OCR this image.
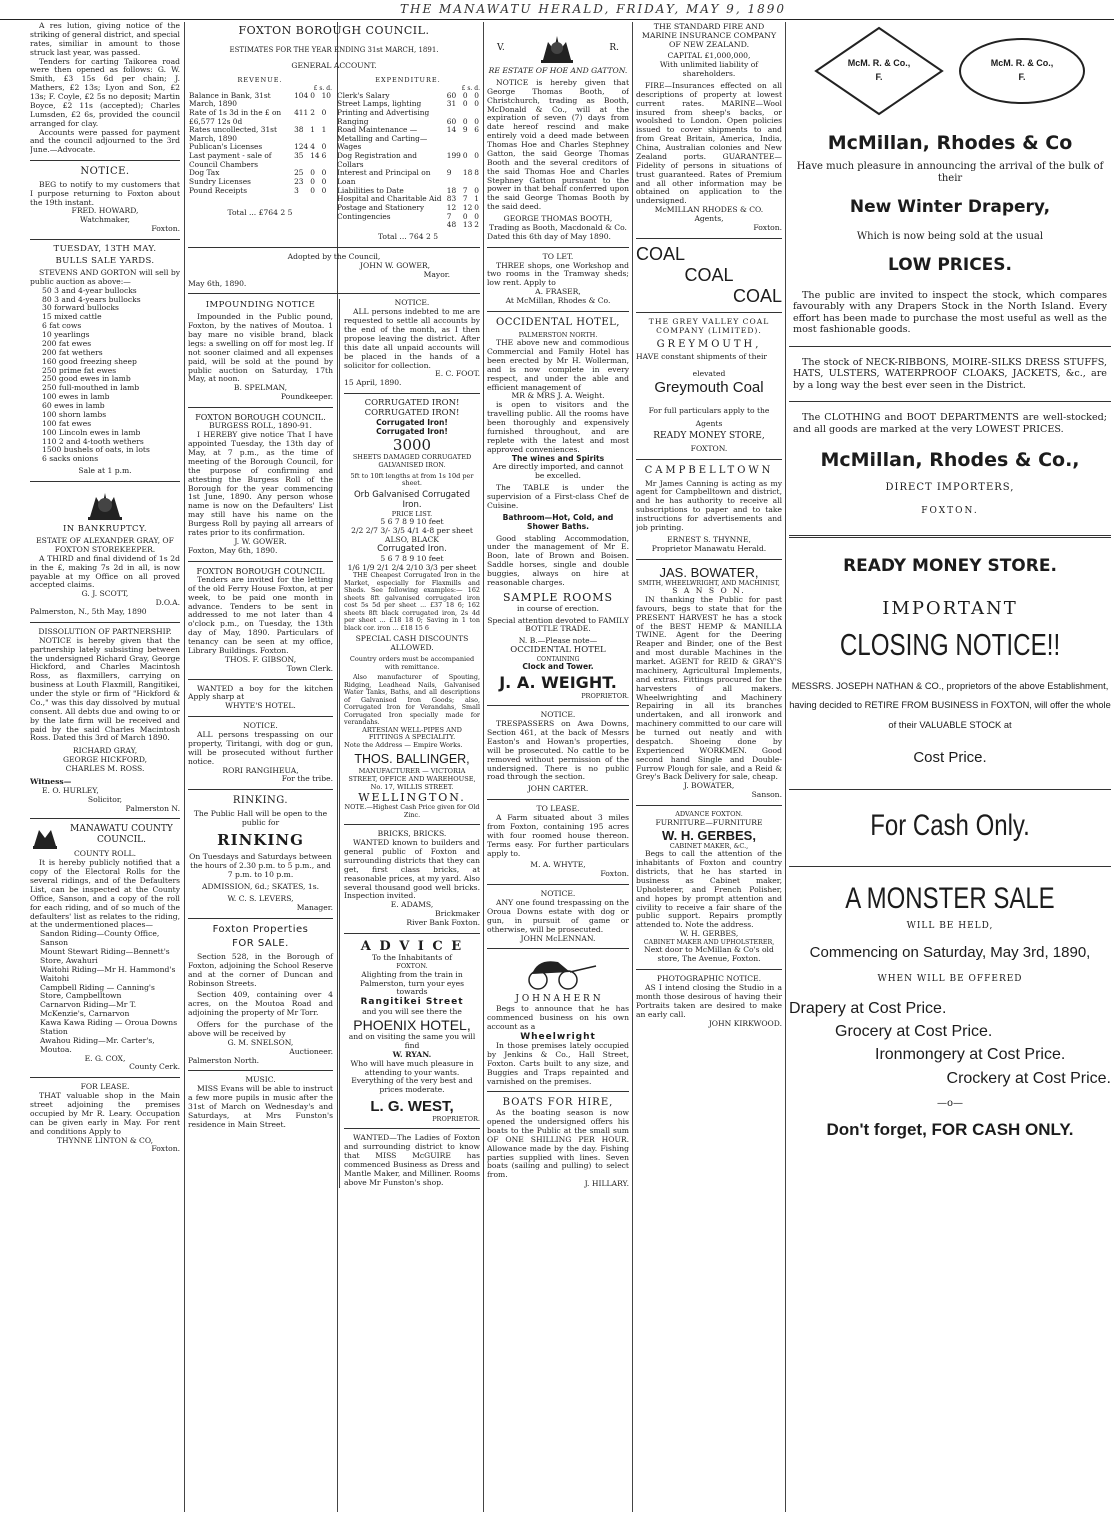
THE MANAWATU HERALD, FRIDAY, MAY 9, 1890

A res lution, giving notice of the striking of general district, and special rates, similiar in amount to those struck last year, was passed.

Tenders for carting Taikorea road were then opened as follows: G. W. Smith, £3 15s 6d per chain; J. Mathers, £2 13s; Lyon and Son, £2 13s; F. Coyle, £2 5s no deposit; Martin Boyce, £2 11s (accepted); Charles Lumsden, £2 6s, provided the council arranged for clay.

Accounts were passed for payment and the council adjourned to the 3rd June.—Advocate.

NOTICE.

BEG to notify to my customers that I purpose returning to Foxton about the 19th instant.

FRED. HOWARD,
Watchmaker,
Foxton.
TUESDAY, 13TH MAY.
BULLS SALE YARDS.

STEVENS AND GORTON will sell by public auction as above:—

50 3 and 4-year bullocks
80 3 and 4-years bullocks
30 forward bullocks
15 mixed cattle
6 fat cows
10 yearlings
200 fat ewes
200 fat wethers
160 good freezing sheep
250 prime fat ewes
250 good ewes in lamb
250 full-mouthed in lamb
100 ewes in lamb
60 ewes in lamb
100 shorn lambs
100 fat ewes
100 Lincoln ewes in lamb
110 2 and 4-tooth wethers
1500 bushels of oats, in lots
6 sacks onions
Sale at 1 p.m.
IN BANKRUPTCY.
ESTATE OF ALEXANDER GRAY, OF FOXTON STOREKEEPER.

A THIRD and final dividend of 1s 2d in the £, making 7s 2d in all, is now payable at my Office on all proved accepted claims.

G. J. SCOTT,
D.O.A.
Palmerston, N., 5th May, 1890
DISSOLUTION OF PARTNERSHIP.

NOTICE is hereby given that the partnership lately subsisting between the undersigned Richard Gray, George Hickford, and Charles Macintosh Ross, as flaxmillers, carrying on business at Louth Flaxmill, Rangitikei, under the style or firm of "Hickford & Co.," was this day dissolved by mutual consent. All debts due and owing to or by the late firm will be received and paid by the said Charles Macintosh Ross. Dated this 3rd of March 1890.

RICHARD GRAY,
GEORGE HICKFORD,
CHARLES M. ROSS.
Witness—
E. O. HURLEY,
Solicitor,
Palmerston N.
MANAWATU COUNTY COUNCIL.
COUNTY ROLL.

It is hereby publicly notified that a copy of the Electoral Rolls for the several ridings, and of the Defaulters List, can be inspected at the County Office, Sanson, and a copy of the roll for each riding, and of so much of the defaulters' list as relates to the riding, at the undermentioned places—

Sandon Riding—County Office, Sanson
Mount Stewart Riding—Bennett's Store, Awahuri
Waitohi Riding—Mr H. Hammond's Waitohi
Campbell Riding — Canning's Store, Campbelltown
Carnarvon Riding—Mr T. McKenzie's, Carnarvon
Kawa Kawa Riding — Oroua Downs Station
Awahou Riding—Mr. Carter's, Moutoa.
E. G. COX,
County Cerk.
FOR LEASE.

THAT valuable shop in the Main street adjoining the premises occupied by Mr R. Leary. Occupation can be given early in May. For rent and conditions Apply to

THYNNE LINTON & CO,
Foxton.
FOXTON BOROUGH COUNCIL.
ESTIMATES FOR THE YEAR ENDING 31st MARCH, 1891.
GENERAL ACCOUNT.
REVENUE.
£ s. d.
Balance in Bank, 31st March, 1890	104	0	10
Rate of 1s 3d in the £ on £6,577 12s 0d	411	2	0
Rates uncollected, 31st March, 1890	38	1	1
Publican's Licenses	124	4	0
Last payment - sale of Council Chambers	35	14	6
Dog Tax	25	0	0
Sundry Licenses	23	0	0
Pound Receipts	3	0	0
Total ... £764 2 5
EXPENDITURE.
£ s. d.
Clerk's Salary	60	0	0
Street Lamps, lighting Printing and Advertising	31	0	0
Ranging	60	0	0
Road Maintenance — Metalling and Carting—Wages	14	9	6
Dog Registration and Collars	199	0	0
Interest and Principal on Loan	9	18	8
Liabilities to Date	18	7	0
Hospital and Charitable Aid	83	7	1
Postage and Stationery	12	12	0
Contingencies	7	0	0
	48	13	2
Total ... 764 2 5
Adopted by the Council,
JOHN W. GOWER,
Mayor.
May 6th, 1890.
IMPOUNDING NOTICE

Impounded in the Public pound, Foxton, by the natives of Moutoa. 1 bay mare no visible brand, black legs: a swelling on off for most leg. If not sooner claimed and all expenses paid, will be sold at the pound by public auction on Saturday, 17th May, at noon.

B. SPELMAN,
Poundkeeper.
FOXTON BOROUGH COUNCIL.
BURGESS ROLL, 1890-91.

I HEREBY give notice That I have appointed Tuesday, the 13th day of May, at 7 p.m., as the time of meeting of the Borough Council, for the purpose of confirming and attesting the Burgess Roll of the Borough for the year commencing 1st June, 1890. Any person whose name is now on the Defaulters' List may still have his name on the Burgess Roll by paying all arrears of rates prior to its confirmation.

J. W. GOWER.
Foxton, May 6th, 1890.
FOXTON BOROUGH COUNCIL

Tenders are invited for the letting of the old Ferry House Foxton, at per week, to be paid one month in advance. Tenders to be sent in addressed to me not later than 4 o'clock p.m., on Tuesday, the 13th day of May, 1890. Particulars of tenancy can be seen at my office, Library Buildings. Foxton.

THOS. F. GIBSON,
Town Clerk.

WANTED a boy for the kitchen Apply sharp at

WHYTE'S HOTEL.
NOTICE.

ALL persons trespassing on our property, Tiritangi, with dog or gun, will be prosecuted without further notice.

RORI RANGIHEUA,
For the tribe.
RINKING.
The Public Hall will be open to the public for
RINKING
On Tuesdays and Saturdays between the hours of 2.30 p.m. to 5 p.m., and 7 p.m. to 10 p.m.
ADMISSION, 6d.; SKATES, 1s.
W. C. S. LEVERS,
Manager.
Foxton Properties
FOR SALE.

Section 528, in the Borough of Foxton, adjoining the School Reserve and at the corner of Duncan and Robinson Streets.

Section 409, containing over 4 acres, on the Moutoa Road and adjoining the property of Mr Torr.

Offers for the purchase of the above will be received by

G. M. SNELSON,
Auctioneer.
Palmerston North.
MUSIC.

MISS Evans will be able to instruct a few more pupils in music after the 31st of March on Wednesday's and Saturdays, at Mrs Funston's residence in Main Street.

NOTICE.

ALL persons indebted to me are requested to settle all accounts by the end of the month, as I then propose leaving the district. After this date all unpaid accounts will be placed in the hands of a solicitor for collection.

E. C. FOOT.
15 April, 1890.
CORRUGATED IRON!
CORRUGATED IRON!
Corrugated Iron!
Corrugated Iron!
3000
SHEETS DAMAGED CORRUGATED GALVANISED IRON.
5ft to 10ft lengths at from 1s 10d per sheet.
Orb Galvanised Corrugated Iron.
PRICE LIST.
5 6 7 8 9 10 feet
2/2 2/7 3/- 3/5 4/1 4-8 per sheet
ALSO, BLACK
Corrugated Iron.
5 6 7 8 9 10 feet
1/6 1/9 2/1 2/4 2/10 3/3 per sheet

THE Cheapest Corrugated Iron in the Market, especially for Flaxmills and Sheds. See following examples:— 162 sheets 8ft galvanised corrugated iron cost 5s 5d per sheet ... £37 18 6; 162 sheets 8ft black corrugated iron, 2s 4d per sheet ... £18 18 0; Saving in 1 ton black cor. iron ... £18 15 6

SPECIAL CASH DISCOUNTS ALLOWED.
Country orders must be accompanied with remittance.

Also manufacturer of Spouting, Ridging, Leadhead Nails, Galvanised Water Tanks, Baths, and all descriptions of Galvanised Iron Goods; also, Corrugated Iron for Verandahs, Small Corrugated Iron specially made for verandahs.

ARTESIAN WELL-PIPES AND FITTINGS A SPECIALITY.
Note the Address — Empire Works.
THOS. BALLINGER,
MANUFACTURER — VICTORIA STREET, OFFICE AND WAREHOUSE, No. 17, WILLIS STREET.
WELLINGTON.
NOTE.—Highest Cash Price given for Old Zinc.
BRICKS, BRICKS.

WANTED known to builders and general public of Foxton and surrounding districts that they can get, first class bricks, at reasonable prices, at my yard. Also several thousand good well bricks. Inspection invited.

E. ADAMS,
Brickmaker
River Bank Foxton.
A D V I C E
To the Inhabitants of
FOXTON.
Alighting from the train in Palmerston, turn your eyes towards
Rangitikei Street
and you will see there the
PHOENIX HOTEL,
and on visiting the same you will find
W. RYAN.
Who will have much pleasure in attending to your wants. Everything of the very best and prices moderate.
L. G. WEST,
PROPRIETOR.

WANTED—The Ladies of Foxton and surrounding district to know that MISS McGUIRE has commenced Business as Dress and Mantle Maker, and Milliner. Rooms above Mr Funston's shop.

V.	R.
RE ESTATE OF HOE AND GATTON.

NOTICE is hereby given that George Thomas Booth, of Christchurch, trading as Booth, McDonald & Co., will at the expiration of seven (7) days from date hereof rescind and make entirely void a deed made between Thomas Hoe and Charles Stephney Gatton, the said George Thomas Booth and the several creditors of the said Thomas Hoe and Charles Stephney Gatton pursuant to the power in that behalf conferred upon the said George Thomas Booth by the said deed.

GEORGE THOMAS BOOTH,
Trading as Booth, Macdonald & Co.
Dated this 6th day of May 1890.
TO LET.

THREE shops, one Workshop and two rooms in the Tramway sheds; low rent. Apply to

A. FRASER,
At McMillan, Rhodes & Co.
OCCIDENTAL HOTEL,
PALMERSTON NORTH.

THE above new and commodious Commercial and Family Hotel has been erected by Mr H. Wollerman, and is now complete in every respect, and under the able and efficient management of

MR & MRS J. A. Weight.

is open to visitors and the travelling public. All the rooms have been thoroughly and expensively furnished throughout, and are replete with the latest and most approved conveniences.

The wines and Spirits
Are directly imported, and cannot be excelled.

The TABLE is under the supervision of a First-class Chef de Cuisine.

Bathroom—Hot, Cold, and Shower Baths.

Good stabling Accommodation, under the management of Mr E. Boon, late of Brown and Boisen. Saddle horses, single and double buggies, always on hire at reasonable charges.

SAMPLE ROOMS
in course of erection.
Special attention devoted to FAMILY BOTTLE TRADE.
N. B.—Please note—
OCCIDENTAL HOTEL
CONTAINING
Clock and Tower.
J. A. WEIGHT.
PROPRIETOR.
NOTICE.

TRESPASSERS on Awa Downs, Section 461, at the back of Messrs Easton's and Howan's properties, will be prosecuted. No cattle to be removed without permission of the undersigned. There is no public road through the section.

JOHN CARTER.
TO LEASE.

A Farm situated about 3 miles from Foxton, containing 195 acres with four roomed house thereon. Terms easy. For further particulars apply to.

M. A. WHYTE,
Foxton.
NOTICE.

ANY one found trespassing on the Oroua Downs estate with dog or gun, in pursuit of game or otherwise, will be prosecuted.

JOHN McLENNAN.
J O H N A H E R N

Begs to announce that he has commenced business on his own account as a

Wheelwright

In those premises lately occupied by Jenkins & Co., Hall Street, Foxton. Carts built to any size, and Buggies and Traps repainted and varnished on the premises.

BOATS FOR HIRE,

As the boating season is now opened the undersigned offers his boats to the Public at the small sum OF ONE SHILLING PER HOUR. Allowance made by the day. Fishing parties supplied with lines. Seven boats (sailing and pulling) to select from.

J. HILLARY.
THE STANDARD FIRE AND MARINE INSURANCE COMPANY OF NEW ZEALAND.
CAPITAL £1,000,000,
With unlimited liability of shareholders.

FIRE—Insurances effected on all descriptions of property at lowest current rates. MARINE—Wool insured from sheep's backs, or woolshed to London. Open policies issued to cover shipments to and from Great Britain, America, India, China, Australian colonies and New Zealand ports. GUARANTEE—Fidelity of persons in situations of trust guaranteed. Rates of Premium and all other information may be obtained on application to the undersigned.

McMILLAN RHODES & CO.
Agents,
Foxton.
COAL
COAL
COAL
THE GREY VALLEY COAL COMPANY (LIMITED).
GREYMOUTH,
HAVE constant shipments of their
elevated
Greymouth Coal
For full particulars apply to the
Agents
READY MONEY STORE,
FOXTON.
CAMPBELLTOWN

Mr James Canning is acting as my agent for Campbelltown and district, and he has authority to receive all subscriptions to paper and to take instructions for advertisements and job printing.

ERNEST S. THYNNE,
Proprietor Manawatu Herald.
JAS. BOWATER,
SMITH, WHEELWRIGHT, AND MACHINIST,
S A N S O N.

IN thanking the Public for past favours, begs to state that for the PRESENT HARVEST he has a stock of the BEST HEMP & MANILLA TWINE. Agent for the Deering Reaper and Binder, one of the Best and most durable Machines in the market. AGENT for REID & GRAY'S machinery, Agricultural Implements, and extras. Fittings procured for the harvesters of all makers. Wheelwrighting and Machinery Repairing in all its branches undertaken, and all ironwork and machinery committed to our care will be turned out neatly and with despatch. Shoeing done by Experienced WORKMEN. Good second hand Single and Double-Furrow Plough for sale, and a Reid & Grey's Back Delivery for sale, cheap.

J. BOWATER,
Sanson.
ADVANCE FOXTON.
FURNITURE—FURNITURE
W. H. GERBES,
CABINET MAKER, &C.,

Begs to call the attention of the inhabitants of Foxton and country districts, that he has started in business as Cabinet maker, Upholsterer, and French Polisher, and hopes by prompt attention and civility to receive a fair share of the public support. Repairs promptly attended to. Note the address.

W. H. GERBES,
CABINET MAKER AND UPHOLSTERER,
Next door to McMillan & Co's old store, The Avenue, Foxton.
PHOTOGRAPHIC NOTICE.

AS I intend closing the Studio in a month those desirous of having their Portraits taken are desired to make an early call.

JOHN KIRKWOOD.
McM. R. & Co.,
F.
McM. R. & Co.,
F.
McMillan, Rhodes & Co
Have much pleasure in announcing the arrival of the bulk of their
New Winter Drapery,
Which is now being sold at the usual
LOW PRICES.

The public are invited to inspect the stock, which compares favourably with any Drapers Stock in the North Island. Every effort has been made to purchase the most useful as well as the most fashionable goods.

The stock of NECK-RIBBONS, MOIRE-SILKS DRESS STUFFS, HATS, ULSTERS, WATERPROOF CLOAKS, JACKETS, &c., are by a long way the best ever seen in the District.

The CLOTHING and BOOT DEPARTMENTS are well-stocked; and all goods are marked at the very LOWEST PRICES.

McMillan, Rhodes & Co.,
DIRECT IMPORTERS,
FOXTON.
READY MONEY STORE.
IMPORTANT
CLOSING NOTICE!!
MESSRS. JOSEPH NATHAN & CO., proprietors of the above Establishment, having decided to RETIRE FROM BUSINESS in FOXTON, will offer the whole of their VALUABLE STOCK at
Cost Price.
For Cash Only.
A MONSTER SALE
WILL BE HELD,
Commencing on Saturday, May 3rd, 1890,
WHEN WILL BE OFFERED
Drapery at Cost Price.
Grocery at Cost Price.
Ironmongery at Cost Price.
Crockery at Cost Price.
—o—
Don't forget, FOR CASH ONLY.
